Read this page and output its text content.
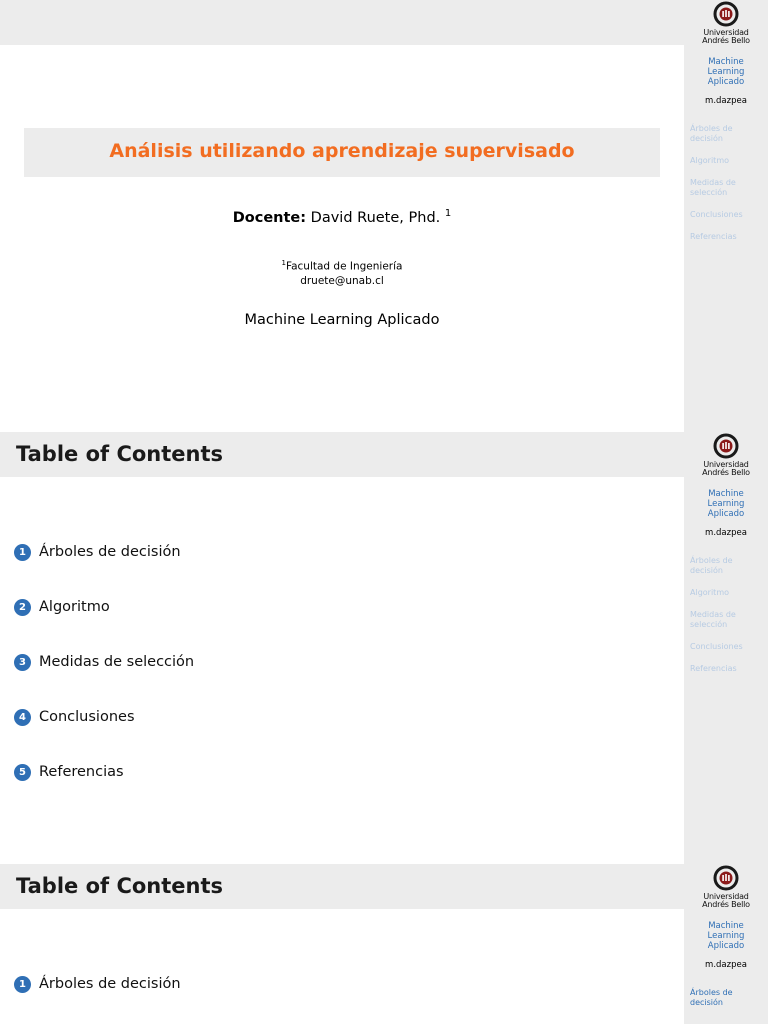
Análisis utilizando aprendizaje supervisado
Docente: David Ruete, Phd. $^1$
$^1$Facultad de Ingeniería
druete@unab.cl
Machine Learning Aplicado
Universidad
Andrés Bello
Machine
Learning
Aplicado
m.dazpea
Árboles de decisión
Algoritmo
Medidas de selección
Conclusiones
Referencias
Table of Contents
1 Árboles de decisión
2 Algoritmo
3 Medidas de selección
4 Conclusiones
5 Referencias
Universidad
Andrés Bello
Machine
Learning
Aplicado
m.dazpea
Árboles de decisión
Algoritmo
Medidas de selección
Conclusiones
Referencias
Table of Contents
1 Árboles de decisión
Universidad
Andrés Bello
Machine
Learning
Aplicado
m.dazpea
Árboles de decisión
